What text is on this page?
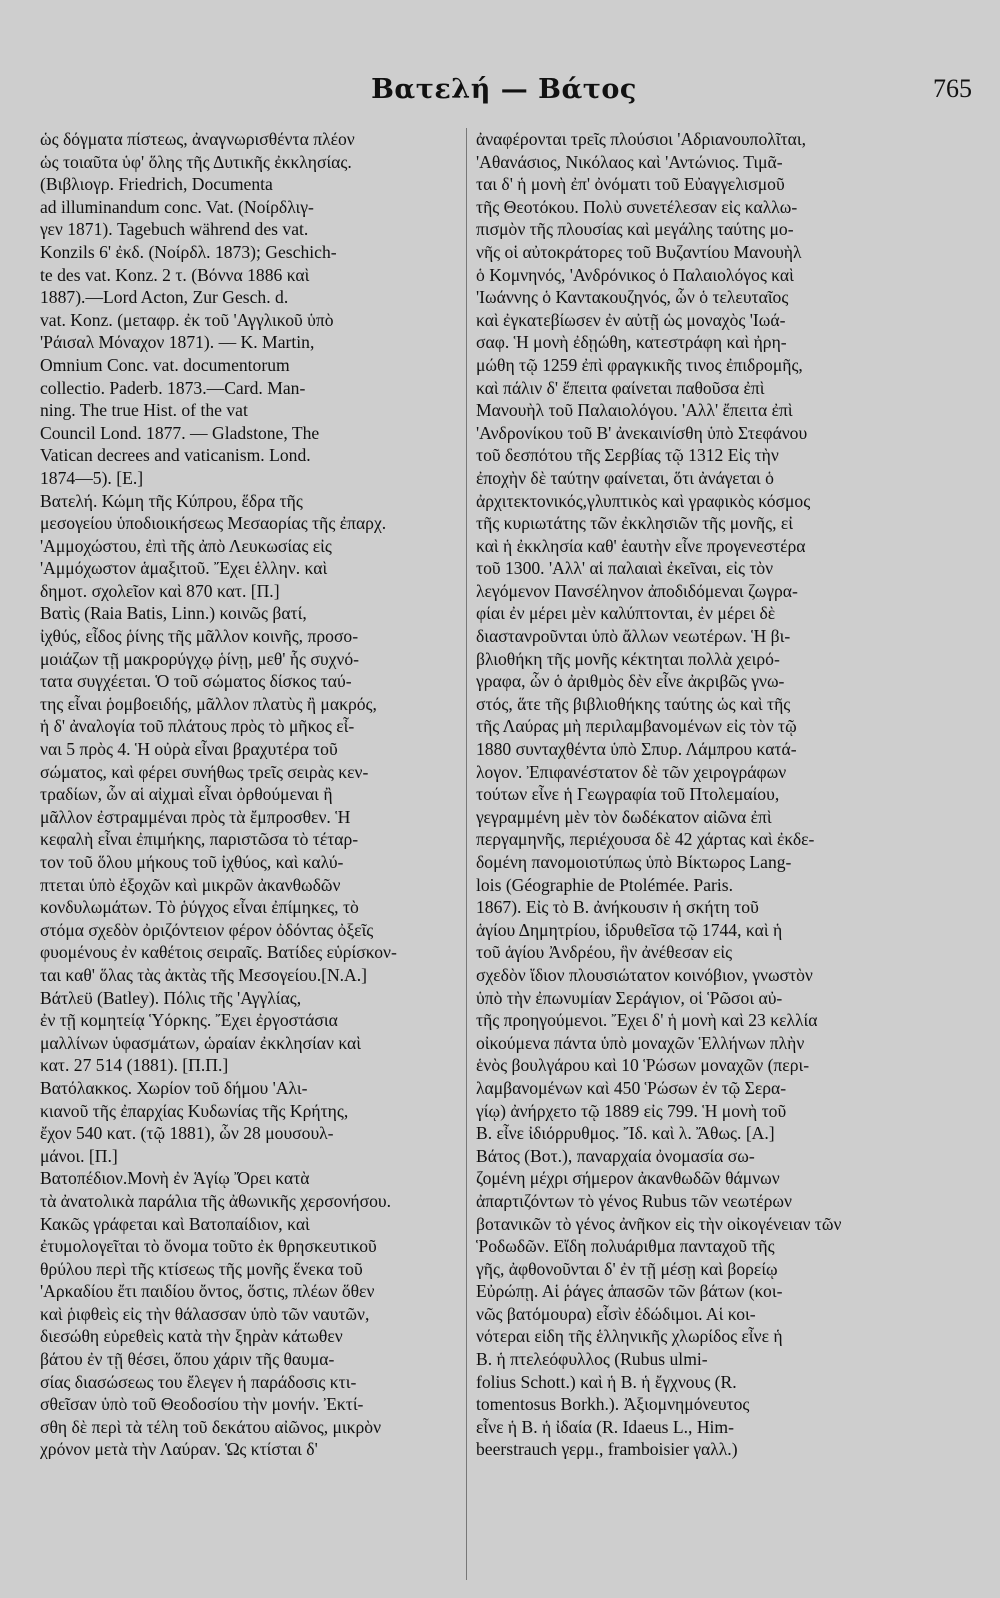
Βατελή — Βάτος	765
ὡς δόγματα πίστεως, ἀναγνωρισθέντα πλέον
ὡς τοιαῦτα ὑφ' ὅλης τῆς Δυτικῆς ἐκκλησίας.
(Βιβλιογρ. Friedrich, Documenta
ad illuminandum conc. Vat. (Νοίρδλιγ-
γεν 1871). Tagebuch während des vat.
Konzils 6' ἐκδ. (Νοίρδλ. 1873); Geschich-
te des vat. Konz. 2 τ. (Βόννα 1886 καὶ
1887).—Lord Acton, Zur Gesch. d.
vat. Konz. (μεταφρ. ἐκ τοῦ 'Αγγλικοῦ ὑπὸ
'Ράισαλ Μόναχον 1871). — K. Martin,
Omnium Conc. vat. documentorum
collectio. Paderb. 1873.—Card. Man-
ning. The true Hist. of the vat
Council Lond. 1877. — Gladstone, The
Vatican decrees and vaticanism. Lond.
1874—5). [E.]
Βατελή. Κώμη τῆς Κύπρου, ἕδρα τῆς
μεσογείου ὑποδιοικήσεως Μεσαορίας τῆς ἐπαρχ.
'Αμμοχώστου, ἐπὶ τῆς ἀπὸ Λευκωσίας εἰς
'Αμμόχωστον ἁμαξιτοῦ. Ἔχει ἑλλην. καὶ
δημοτ. σχολεῖον καὶ 870 κατ. [Π.]
Βατὶς (Raia Batis, Linn.) κοινῶς βατί,
ἰχθύς, εἶδος ῥίνης τῆς μᾶλλον κοινῆς, προσο-
μοιάζων τῇ μακρορύγχῳ ῥίνῃ, μεθ' ἧς συχνό-
τατα συγχέεται. Ὁ τοῦ σώματος δίσκος ταύ-
της εἶναι ῥομβοειδής, μᾶλλον πλατὺς ἢ μακρός,
ἡ δ' ἀναλογία τοῦ πλάτους πρὸς τὸ μῆκος εἶ-
ναι 5 πρὸς 4. Ἡ οὐρὰ εἶναι βραχυτέρα τοῦ
σώματος, καὶ φέρει συνήθως τρεῖς σειρὰς κεν-
τραδίων, ὧν αἱ αἰχμαὶ εἶναι ὀρθούμεναι ἢ
μᾶλλον ἐστραμμέναι πρὸς τὰ ἔμπροσθεν. Ἡ
κεφαλὴ εἶναι ἐπιμήκης, παριστῶσα τὸ τέταρ-
τον τοῦ ὅλου μήκους τοῦ ἰχθύος, καὶ καλύ-
πτεται ὑπὸ ἐξοχῶν καὶ μικρῶν ἀκανθωδῶν
κονδυλωμάτων. Τὸ ῥύγχος εἶναι ἐπίμηκες, τὸ
στόμα σχεδὸν ὀριζόντειον φέρον ὀδόντας ὀξεῖς
φυομένους ἐν καθέτοις σειραῖς. Βατίδες εὑρίσκον-
ται καθ' ὅλας τὰς ἀκτὰς τῆς Μεσογείου.[Ν.Α.]
Βάτλεϋ (Batley). Πόλις τῆς 'Αγγλίας,
ἐν τῇ κομητείᾳ Ὑόρκης. Ἔχει ἐργοστάσια
μαλλίνων ὑφασμάτων, ὡραίαν ἐκκλησίαν καὶ
κατ. 27 514 (1881). [Π.Π.]
Βατόλακκος. Χωρίον τοῦ δήμου 'Αλι-
κιανοῦ τῆς ἐπαρχίας Κυδωνίας τῆς Κρήτης,
ἔχον 540 κατ. (τῷ 1881), ὧν 28 μουσουλ-
μάνοι. [Π.]
Βατοπέδιον.Μονὴ ἐν Ἁγίῳ Ὄρει κατὰ
τὰ ἀνατολικὰ παράλια τῆς ἀθωνικῆς χερσονήσου.
Κακῶς γράφεται καὶ Βατοπαίδιον, καὶ
ἐτυμολογεῖται τὸ ὄνομα τοῦτο ἐκ θρησκευτικοῦ
θρύλου περὶ τῆς κτίσεως τῆς μονῆς ἕνεκα τοῦ
'Αρκαδίου ἔτι παιδίου ὄντος, ὅστις, πλέων ὅθεν
καὶ ῥιφθεὶς εἰς τὴν θάλασσαν ὑπὸ τῶν ναυτῶν,
διεσώθη εὑρεθεὶς κατὰ τὴν ξηρὰν κάτωθεν
βάτου ἐν τῇ θέσει, ὅπου χάριν τῆς θαυμα-
σίας διασώσεως του ἔλεγεν ἡ παράδοσις κτι-
σθεῖσαν ὑπὸ τοῦ Θεοδοσίου τὴν μονήν. Ἐκτί-
σθη δὲ περὶ τὰ τέλη τοῦ δεκάτου αἰῶνος, μικρὸν
χρόνον μετὰ τὴν Λαύραν. Ὡς κτίσται δ'
ἀναφέρονται τρεῖς πλούσιοι 'Αδριανουπολῖται,
'Αθανάσιος, Νικόλαος καὶ 'Αντώνιος. Τιμᾶ-
ται δ' ἡ μονὴ ἐπ' ὀνόματι τοῦ Εὐαγγελισμοῦ
τῆς Θεοτόκου. Πολὺ συνετέλεσαν εἰς καλλω-
πισμὸν τῆς πλουσίας καὶ μεγάλης ταύτης μο-
νῆς οἱ αὐτοκράτορες τοῦ Βυζαντίου Μανουὴλ
ὁ Κομνηνός, 'Ανδρόνικος ὁ Παλαιολόγος καὶ
'Ιωάννης ὁ Καντακουζηνός, ὧν ὁ τελευταῖος
καὶ ἐγκατεβίωσεν ἐν αὐτῇ ὡς μοναχὸς 'Ιωά-
σαφ. Ἡ μονὴ ἐδῃώθη, κατεστράφη καὶ ἠρη-
μώθη τῷ 1259 ἐπὶ φραγκικῆς τινος ἐπιδρομῆς,
καὶ πάλιν δ' ἔπειτα φαίνεται παθοῦσα ἐπὶ
Μανουὴλ τοῦ Παλαιολόγου. 'Αλλ' ἔπειτα ἐπὶ
'Ανδρονίκου τοῦ Β' ἀνεκαινίσθη ὑπὸ Στεφάνου
τοῦ δεσπότου τῆς Σερβίας τῷ 1312 Εἰς τὴν
ἐποχὴν δὲ ταύτην φαίνεται, ὅτι ἀνάγεται ὁ
ἀρχιτεκτονικός,γλυπτικὸς καὶ γραφικὸς κόσμος
τῆς κυριωτάτης τῶν ἐκκλησιῶν τῆς μονῆς, εἰ
καὶ ἡ ἐκκλησία καθ' ἑαυτὴν εἶνε προγενεστέρα
τοῦ 1300. 'Αλλ' αἱ παλαιαὶ ἐκεῖναι, εἰς τὸν
λεγόμενον Πανσέληνον ἀποδιδόμεναι ζωγρα-
φίαι ἐν μέρει μὲν καλύπτονται, ἐν μέρει δὲ
διαστανροῦνται ὑπὸ ἄλλων νεωτέρων. Ἡ βι-
βλιοθήκη τῆς μονῆς κέκτηται πολλὰ χειρό-
γραφα, ὧν ὁ ἀριθμὸς δὲν εἶνε ἀκριβῶς γνω-
στός, ἅτε τῆς βιβλιοθήκης ταύτης ὡς καὶ τῆς
τῆς Λαύρας μὴ περιλαμβανομένων εἰς τὸν τῷ
1880 συνταχθέντα ὑπὸ Σπυρ. Λάμπρου κατά-
λογον. Ἐπιφανέστατον δὲ τῶν χειρογράφων
τούτων εἶνε ἡ Γεωγραφία τοῦ Πτολεμαίου,
γεγραμμένη μὲν τὸν δωδέκατον αἰῶνα ἐπὶ
περγαμηνῆς, περιέχουσα δὲ 42 χάρτας καὶ ἐκδε-
δομένη πανομοιοτύπως ὑπὸ Βίκτωρος Lang-
lois (Géographie de Ptolémée. Paris.
1867). Εἰς τὸ Β. ἀνήκουσιν ἡ σκήτη τοῦ
ἁγίου Δημητρίου, ἱδρυθεῖσα τῷ 1744, καὶ ἡ
τοῦ ἁγίου Ἀνδρέου, ἣν ἀνέθεσαν εἰς
σχεδὸν ἴδιον πλουσιώτατον κοινόβιον, γνωστὸν
ὑπὸ τὴν ἐπωνυμίαν Σεράγιον, οἱ Ῥῶσοι αὐ-
τῆς προηγούμενοι. Ἔχει δ' ἡ μονὴ καὶ 23 κελλία
οἰκούμενα πάντα ὑπὸ μοναχῶν Ἑλλήνων πλὴν
ἑνὸς βουλγάρου καὶ 10 Ῥώσων μοναχῶν (περι-
λαμβανομένων καὶ 450 Ῥώσων ἐν τῷ Σερα-
γίῳ) ἀνήρχετο τῷ 1889 εἰς 799. Ἡ μονὴ τοῦ
Β. εἶνε ἰδιόρρυθμος. Ἴδ. καὶ λ. Ἄθως. [Α.]
Βάτος (Βοτ.), παναρχαία ὀνομασία σω-
ζομένη μέχρι σήμερον ἀκανθωδῶν θάμνων
ἀπαρτιζόντων τὸ γένος Rubus τῶν νεωτέρων
βοτανικῶν τὸ γένος ἀνῆκον εἰς τὴν οἰκογένειαν τῶν
Ῥοδωδῶν. Εἴδη πολυάριθμα πανταχοῦ τῆς
γῆς, ἀφθονοῦνται δ' ἐν τῇ μέσῃ καὶ βορείῳ
Εὐρώπῃ. Αἱ ῥάγες ἁπασῶν τῶν βάτων (κοι-
νῶς βατόμουρα) εἶσὶν ἐδώδιμοι. Αἱ κοι-
νότεραι εἰδη τῆς ἑλληνικῆς χλωρίδος εἶνε ἡ
Β. ἡ πτελεόφυλλος (Rubus ulmi-
folius Schott.) καὶ ἡ Β. ἡ ἔγχνους (R.
tomentosus Borkh.). Ἀξιομνημόνευτος
εἶνε ἡ Β. ἡ ἰδαία (R. Idaeus L., Him-
beerstrauch γερμ., framboisier γαλλ.)
